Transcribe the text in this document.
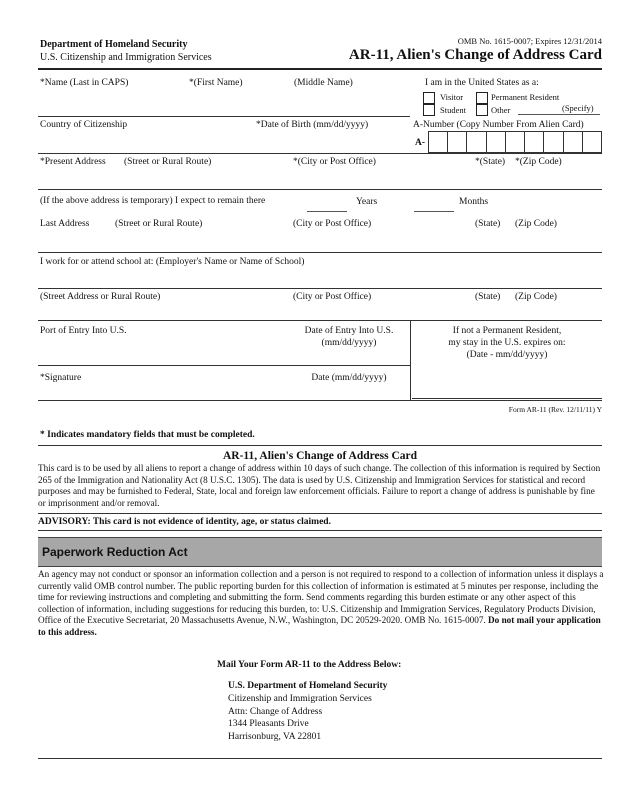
Department of Homeland Security
U.S. Citizenship and Immigration Services
OMB No. 1615-0007; Expires 12/31/2014
AR-11, Alien's Change of Address Card
*Name (Last in CAPS)	*(First Name)	(Middle Name)	I am in the United States as a:
Visitor	Permanent Resident
Student	Other	(Specify)
Country of Citizenship	*Date of Birth (mm/dd/yyyy)	A-Number (Copy Number From Alien Card)
A-
*Present Address (Street or Rural Route)	*(City or Post Office)	*(State) *(Zip Code)
(If the above address is temporary) I expect to remain there	Years	Months
Last Address	(Street or Rural Route)	(City or Post Office)	(State) (Zip Code)
I work for or attend school at: (Employer's Name or Name of School)
(Street Address or Rural Route)	(City or Post Office)	(State) (Zip Code)
Port of Entry Into U.S.	Date of Entry Into U.S.
(mm/dd/yyyy)
If not a Permanent Resident,
my stay in the U.S. expires on:
(Date - mm/dd/yyyy)
*Signature	Date (mm/dd/yyyy)
Form AR-11 (Rev. 12/11/11) Y
* Indicates mandatory fields that must be completed.
AR-11, Alien's Change of Address Card
This card is to be used by all aliens to report a change of address within 10 days of such change. The collection of this information is required by Section 265 of the Immigration and Nationality Act (8 U.S.C. 1305). The data is used by U.S. Citizenship and Immigration Services for statistical and record purposes and may be furnished to Federal, State, local and foreign law enforcement officials. Failure to report a change of address is punishable by fine or imprisonment and/or removal.
ADVISORY: This card is not evidence of identity, age, or status claimed.
Paperwork Reduction Act
An agency may not conduct or sponsor an information collection and a person is not required to respond to a collection of information unless it displays a currently valid OMB control number. The public reporting burden for this collection of information is estimated at 5 minutes per response, including the time for reviewing instructions and completing and submitting the form. Send comments regarding this burden estimate or any other aspect of this collection of information, including suggestions for reducing this burden, to: U.S. Citizenship and Immigration Services, Regulatory Products Division, Office of the Executive Secretariat, 20 Massachusetts Avenue, N.W., Washington, DC 20529-2020. OMB No. 1615-0007. Do not mail your application to this address.
Mail Your Form AR-11 to the Address Below:
U.S. Department of Homeland Security
Citizenship and Immigration Services
Attn: Change of Address
1344 Pleasants Drive
Harrisonburg, VA 22801
